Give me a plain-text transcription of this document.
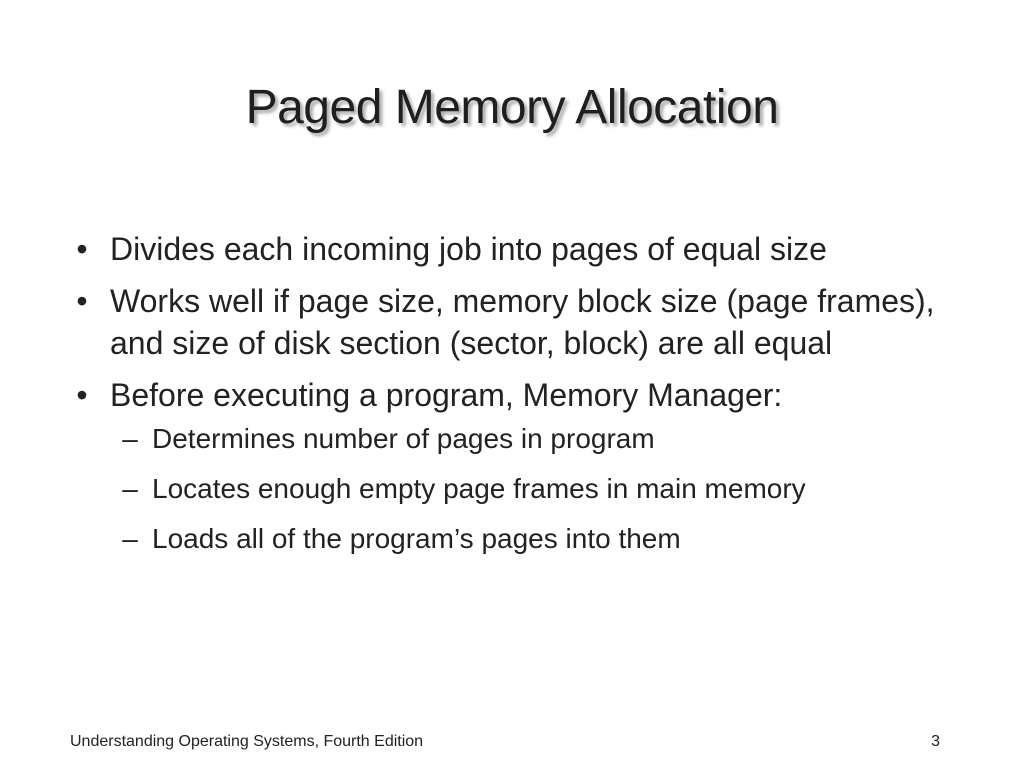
Paged Memory Allocation
• Divides each incoming job into pages of equal size
• Works well if page size, memory block size (page frames), and size of disk section (sector, block) are all equal
• Before executing a program, Memory Manager:
– Determines number of pages in program
– Locates enough empty page frames in main memory
– Loads all of the program’s pages into them
Understanding Operating Systems, Fourth Edition	3
